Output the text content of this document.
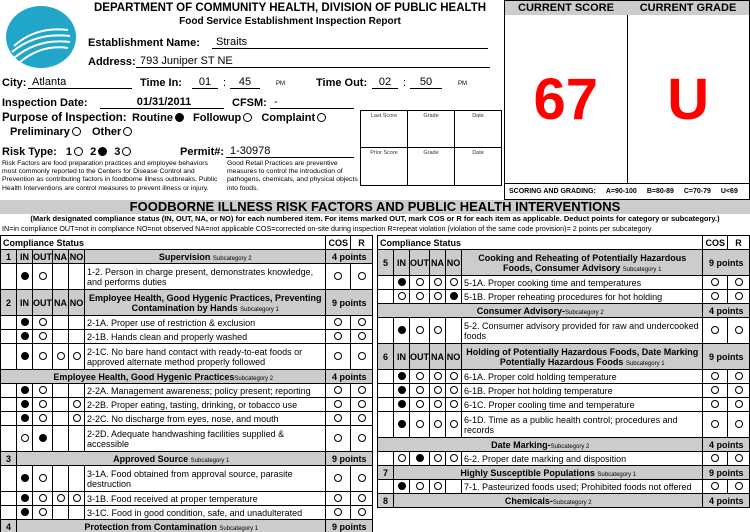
DEPARTMENT OF COMMUNITY HEALTH, DIVISION OF PUBLIC HEALTH
Food Service Establishment Inspection Report
Establishment Name:	Straits
Address: 793 Juniper ST NE
City: Atlanta	Time In:	01	:	45	PM	Time Out:	02	:	50	PM
Inspection Date:	01/31/2011	CFSM: -
Purpose of Inspection: Routine Followup Complaint
Preliminary Other
Risk Type: 1 2 3	Permit#: 1-30978
Risk Factors are food preparation practices and employee behaviors most commonly reported to the Centers for Disease Control and Prevention as contributing factors in foodborne illness outbreaks. Public Health Interventions are control measures to prevent illness or injury.
Good Retail Practices are preventive measures to control the introduction of pathogens, chemicals, and physical objects into foods.
Last Score	Grade	Date
Prior Score	Grade	Date
CURRENT SCORE	CURRENT GRADE
67	U
SCORING AND GRADING: A=90-100 B=80-89 C=70-79 U<69
FOODBORNE ILLNESS RISK FACTORS AND PUBLIC HEALTH INTERVENTIONS
(Mark designated compliance status (IN, OUT, NA, or NO) for each numbered item. For items marked OUT, mark COS or R for each item as applicable. Deduct points for category or subcategory.)
IN=in compliance OUT=not in compliance NO=not observed NA=not applicable COS=corrected on-site during inspection R=repeat violation (violation of the same code provision)= 2 points per subcategory
Compliance Status						COS	R
1	IN	OUT	NA	NO	Supervision Subcategory 2	4 points	
					1-2. Person in charge present, demonstrates knowledge, and performs duties		
2	IN	OUT	NA	NO	Employee Health, Good Hygenic Practices, Preventing Contamination by Hands Subcategory 1	9 points	
					2-1A. Proper use of restriction & exclusion		
					2-1B. Hands clean and properly washed		
					2-1C. No bare hand contact with ready-to-eat foods or approved alternate method properly followed		
Employee Health, Good Hygenic PracticesSubcategory 2						4 points	
					2-2A. Management awareness; policy present; reporting		
					2-2B. Proper eating, tasting, drinking, or tobacco use		
					2-2C. No discharge from eyes, nose, and mouth		
					2-2D. Adequate handwashing facilities supplied & accessible		
3	Approved Source Subcategory 1					9 points	
					3-1A. Food obtained from approval source, parasite destruction		
					3-1B. Food received at proper temperature		
					3-1C. Food in good condition, safe, and unadulterated		
4	Protection from Contamination Subcategory 1					9 points	
Compliance Status						COS	R
5	IN	OUT	NA	NO	Cooking and Reheating of Potentially Hazardous Foods, Consumer Advisory Subcategory 1	9 points	
					5-1A. Proper cooking time and temperatures		
					5-1B. Proper reheating procedures for hot holding		
Consumer Advisory-Subcategory 2						4 points	
					5-2. Consumer advisory provided for raw and undercooked foods		
6	IN	OUT	NA	NO	Holding of Potentially Hazardous Foods, Date Marking Potentially Hazardous Foods Subcategory 1	9 points	
					6-1A. Proper cold holding temperature		
					6-1B. Proper hot holding temperature		
					6-1C. Proper cooling time and temperature		
					6-1D. Time as a public health control; procedures and records		
Date Marking-Subcategory 2						4 points	
					6-2. Proper date marking and disposition		
7	Highly Susceptible Populations Subcategory 1					9 points	
					7-1. Pasteurized foods used; Prohibited foods not offered		
8	Chemicals-Subcategory 2					4 points	
